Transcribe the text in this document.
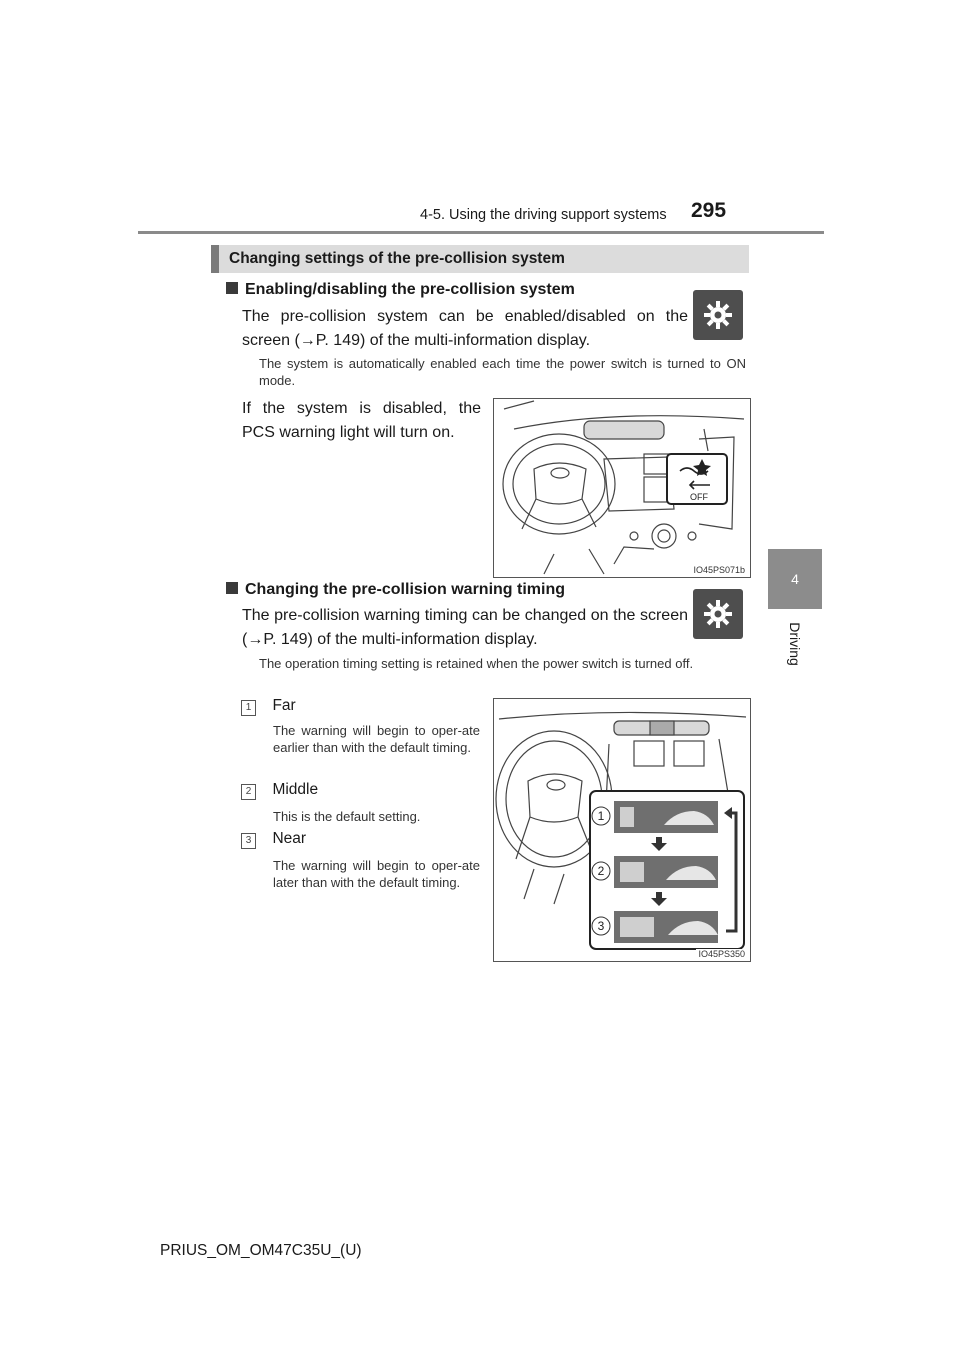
4-5. Using the driving support systems 295
4
Driving
Changing settings of the pre-collision system
Enabling/disabling the pre-collision system
The pre-collision system can be enabled/disabled on the screen (→P. 149) of the multi-information display.
The system is automatically enabled each time the power switch is turned to ON mode.
If the system is disabled, the PCS warning light will turn on.
OFF
IO45PS071b
Changing the pre-collision warning timing
The pre-collision warning timing can be changed on the screen (→P. 149) of the multi-information display.
The operation timing setting is retained when the power switch is turned off.
1 Far
The warning will begin to oper-ate earlier than with the default timing.
2 Middle
This is the default setting.
3 Near
The warning will begin to oper-ate later than with the default timing.
1
2
3
IO45PS350
PRIUS_OM_OM47C35U_(U)
